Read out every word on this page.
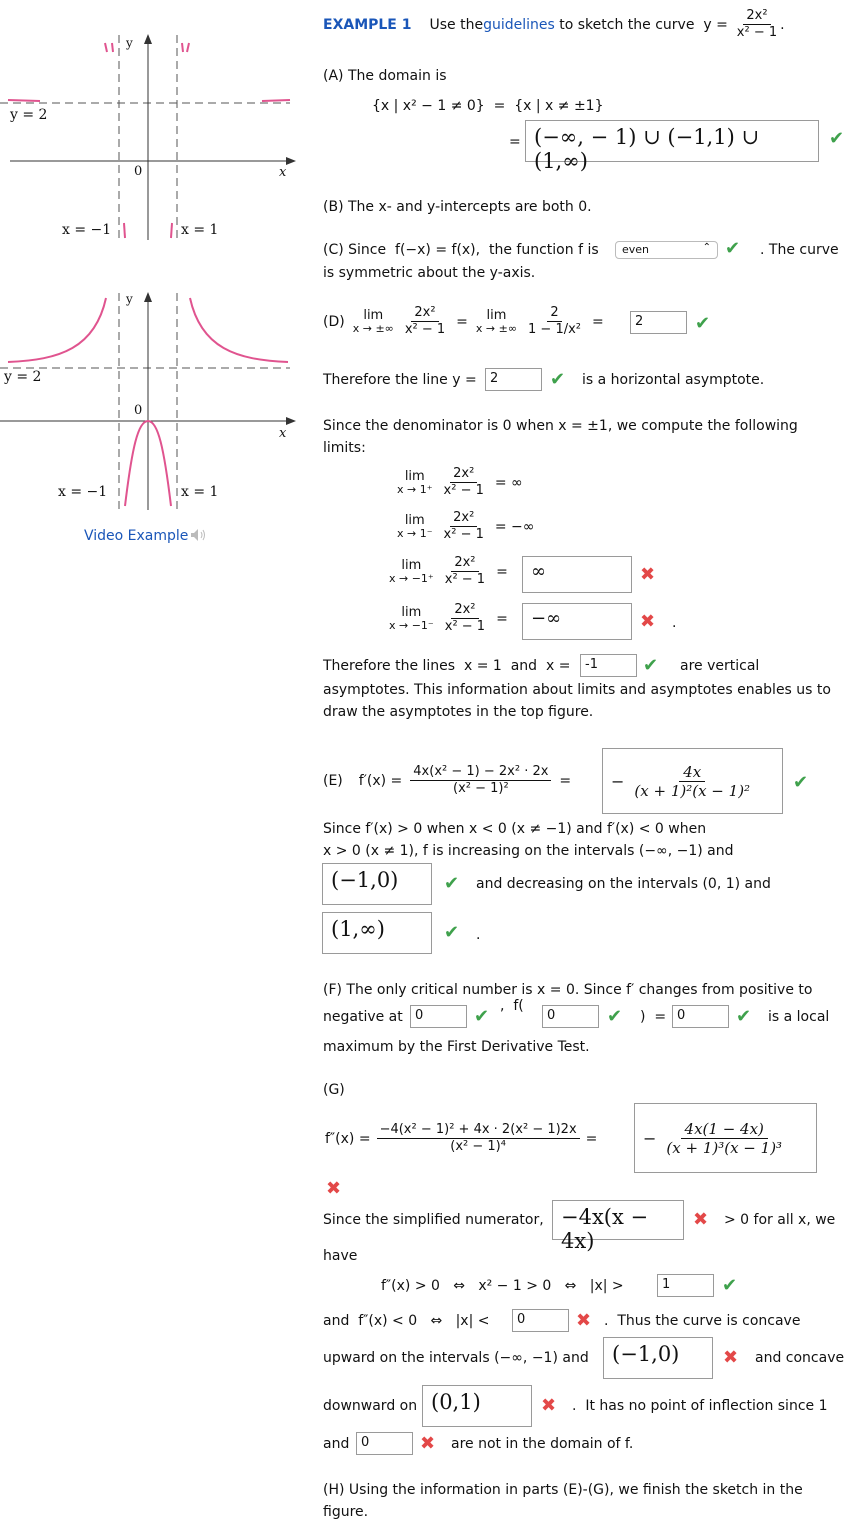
y
x
y = 2
0
x = −1	x = 1
y
x
y = 2
0
x = −1	x = 1
Video Example
EXAMPLE 1 Use the guidelines to sketch the curve  $y = \frac{\text{2x²}}{\text{x² − 1}}$ .
(A) The domain is
{x | x² − 1 ≠ 0}  =  {x | x ≠ ±1}
= (−∞, − 1) ∪ (−1,1) ∪ (1,∞)
✔
(B) The x- and y-intercepts are both 0.
(C) Since  f(−x) = f(x),  the function f is	even	⌃ ✔ . The curve
is symmetric about the y-axis.
(D) lim
x → ±∞ $\frac{\text{2x²}}{\text{x² − 1}} = \lim$
x → ±∞ $\frac{2}{\text{1 − 1/x²}}$ =	2	✔
Therefore the line y =	2	✔ is a horizontal asymptote.
Since the denominator is 0 when x = ±1, we compute the following limits:
lim
$x \to 1^+ \frac{\text{2x²}}{\text{x² − 1}}$ = ∞
lim
$x \to 1^- \frac{\text{2x²}}{\text{x² − 1}}$ = −∞
lim
$x \to -1^+ \frac{\text{2x²}}{\text{x² − 1}}$ =	∞	✖
lim
$x \to -1^- \frac{\text{2x²}}{\text{x² − 1}}$ =	−∞	✖ .
Therefore the lines  x = 1  and  x =	-1	✔ are vertical
asymptotes. This information about limits and asymptotes enables us to
draw the asymptotes in the top figure.
(E) $f'(x) = \frac{\text{4x(x² − 1) − 2x² · 2x}}{\text{(x² − 1)²}}$ = − $\frac{4x}{\text{(x + 1)²(x − 1)²}}$ ✔
Since f′(x) > 0 when x < 0 (x ≠ −1) and f′(x) < 0 when
x > 0 (x ≠ 1), f is increasing on the intervals (−∞, −1) and
(−1,0)	✔ and decreasing on the intervals (0, 1) and
(1,∞)	✔ .
(F) The only critical number is x = 0. Since f′ changes from positive to
negative at 0	✔ ,  f(
0	✔ )  = 0	✔ is a local
maximum by the First Derivative Test.
(G)
$f''(x) = \frac{\text{−4(x² − 1)² + 4x · 2(x² − 1)2x}}{\text{(x² − 1)⁴}}$ =	− $\frac{4x(1 - 4x)}{\text{(x + 1)³(x − 1)³}}$
✖
Since the simplified numerator, −4x(x − 4x)
✖ > 0 for all x, we
have
f″(x) > 0   ⇔   x² − 1 > 0   ⇔   |x| >	1	✔
and  f″(x) < 0   ⇔   |x| <	0	✖ .  Thus the curve is concave
upward on the intervals (−∞, −1) and	(−1,0)	✖ and concave
downward on (0,1)	✖ .  It has no point of inflection since 1
and 0	✖ are not in the domain of f.
(H) Using the information in parts (E)-(G), we finish the sketch in the
figure.
